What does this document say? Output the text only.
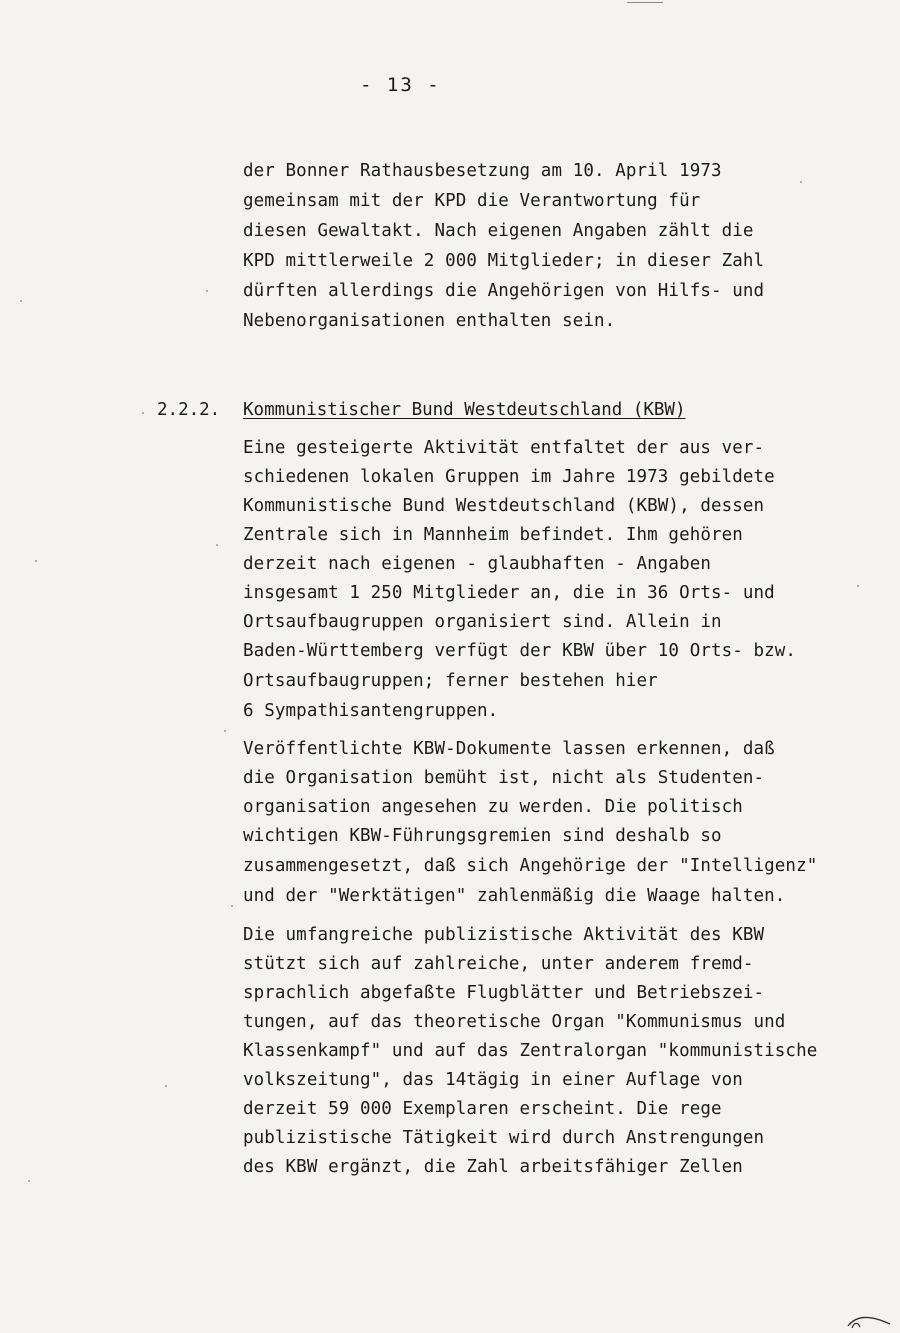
- 13 -
der Bonner Rathausbesetzung am 10. April 1973
gemeinsam mit der KPD die Verantwortung für
diesen Gewaltakt. Nach eigenen Angaben zählt die
KPD mittlerweile 2 000 Mitglieder; in dieser Zahl
dürften allerdings die Angehörigen von Hilfs- und
Nebenorganisationen enthalten sein.
2.2.2. Kommunistischer Bund Westdeutschland (KBW)
Eine gesteigerte Aktivität entfaltet der aus ver-
schiedenen lokalen Gruppen im Jahre 1973 gebildete
Kommunistische Bund Westdeutschland (KBW), dessen
Zentrale sich in Mannheim befindet. Ihm gehören
derzeit nach eigenen - glaubhaften - Angaben
insgesamt 1 250 Mitglieder an, die in 36 Orts- und
Ortsaufbaugruppen organisiert sind. Allein in
Baden-Württemberg verfügt der KBW über 10 Orts- bzw.
Ortsaufbaugruppen; ferner bestehen hier
6 Sympathisantengruppen.
Veröffentlichte KBW-Dokumente lassen erkennen, daß
die Organisation bemüht ist, nicht als Studenten-
organisation angesehen zu werden. Die politisch
wichtigen KBW-Führungsgremien sind deshalb so
zusammengesetzt, daß sich Angehörige der "Intelligenz"
und der "Werktätigen" zahlenmäßig die Waage halten.
Die umfangreiche publizistische Aktivität des KBW
stützt sich auf zahlreiche, unter anderem fremd-
sprachlich abgefaßte Flugblätter und Betriebszei-
tungen, auf das theoretische Organ "Kommunismus und
Klassenkampf" und auf das Zentralorgan "kommunistische
volkszeitung", das 14tägig in einer Auflage von
derzeit 59 000 Exemplaren erscheint. Die rege
publizistische Tätigkeit wird durch Anstrengungen
des KBW ergänzt, die Zahl arbeitsfähiger Zellen
